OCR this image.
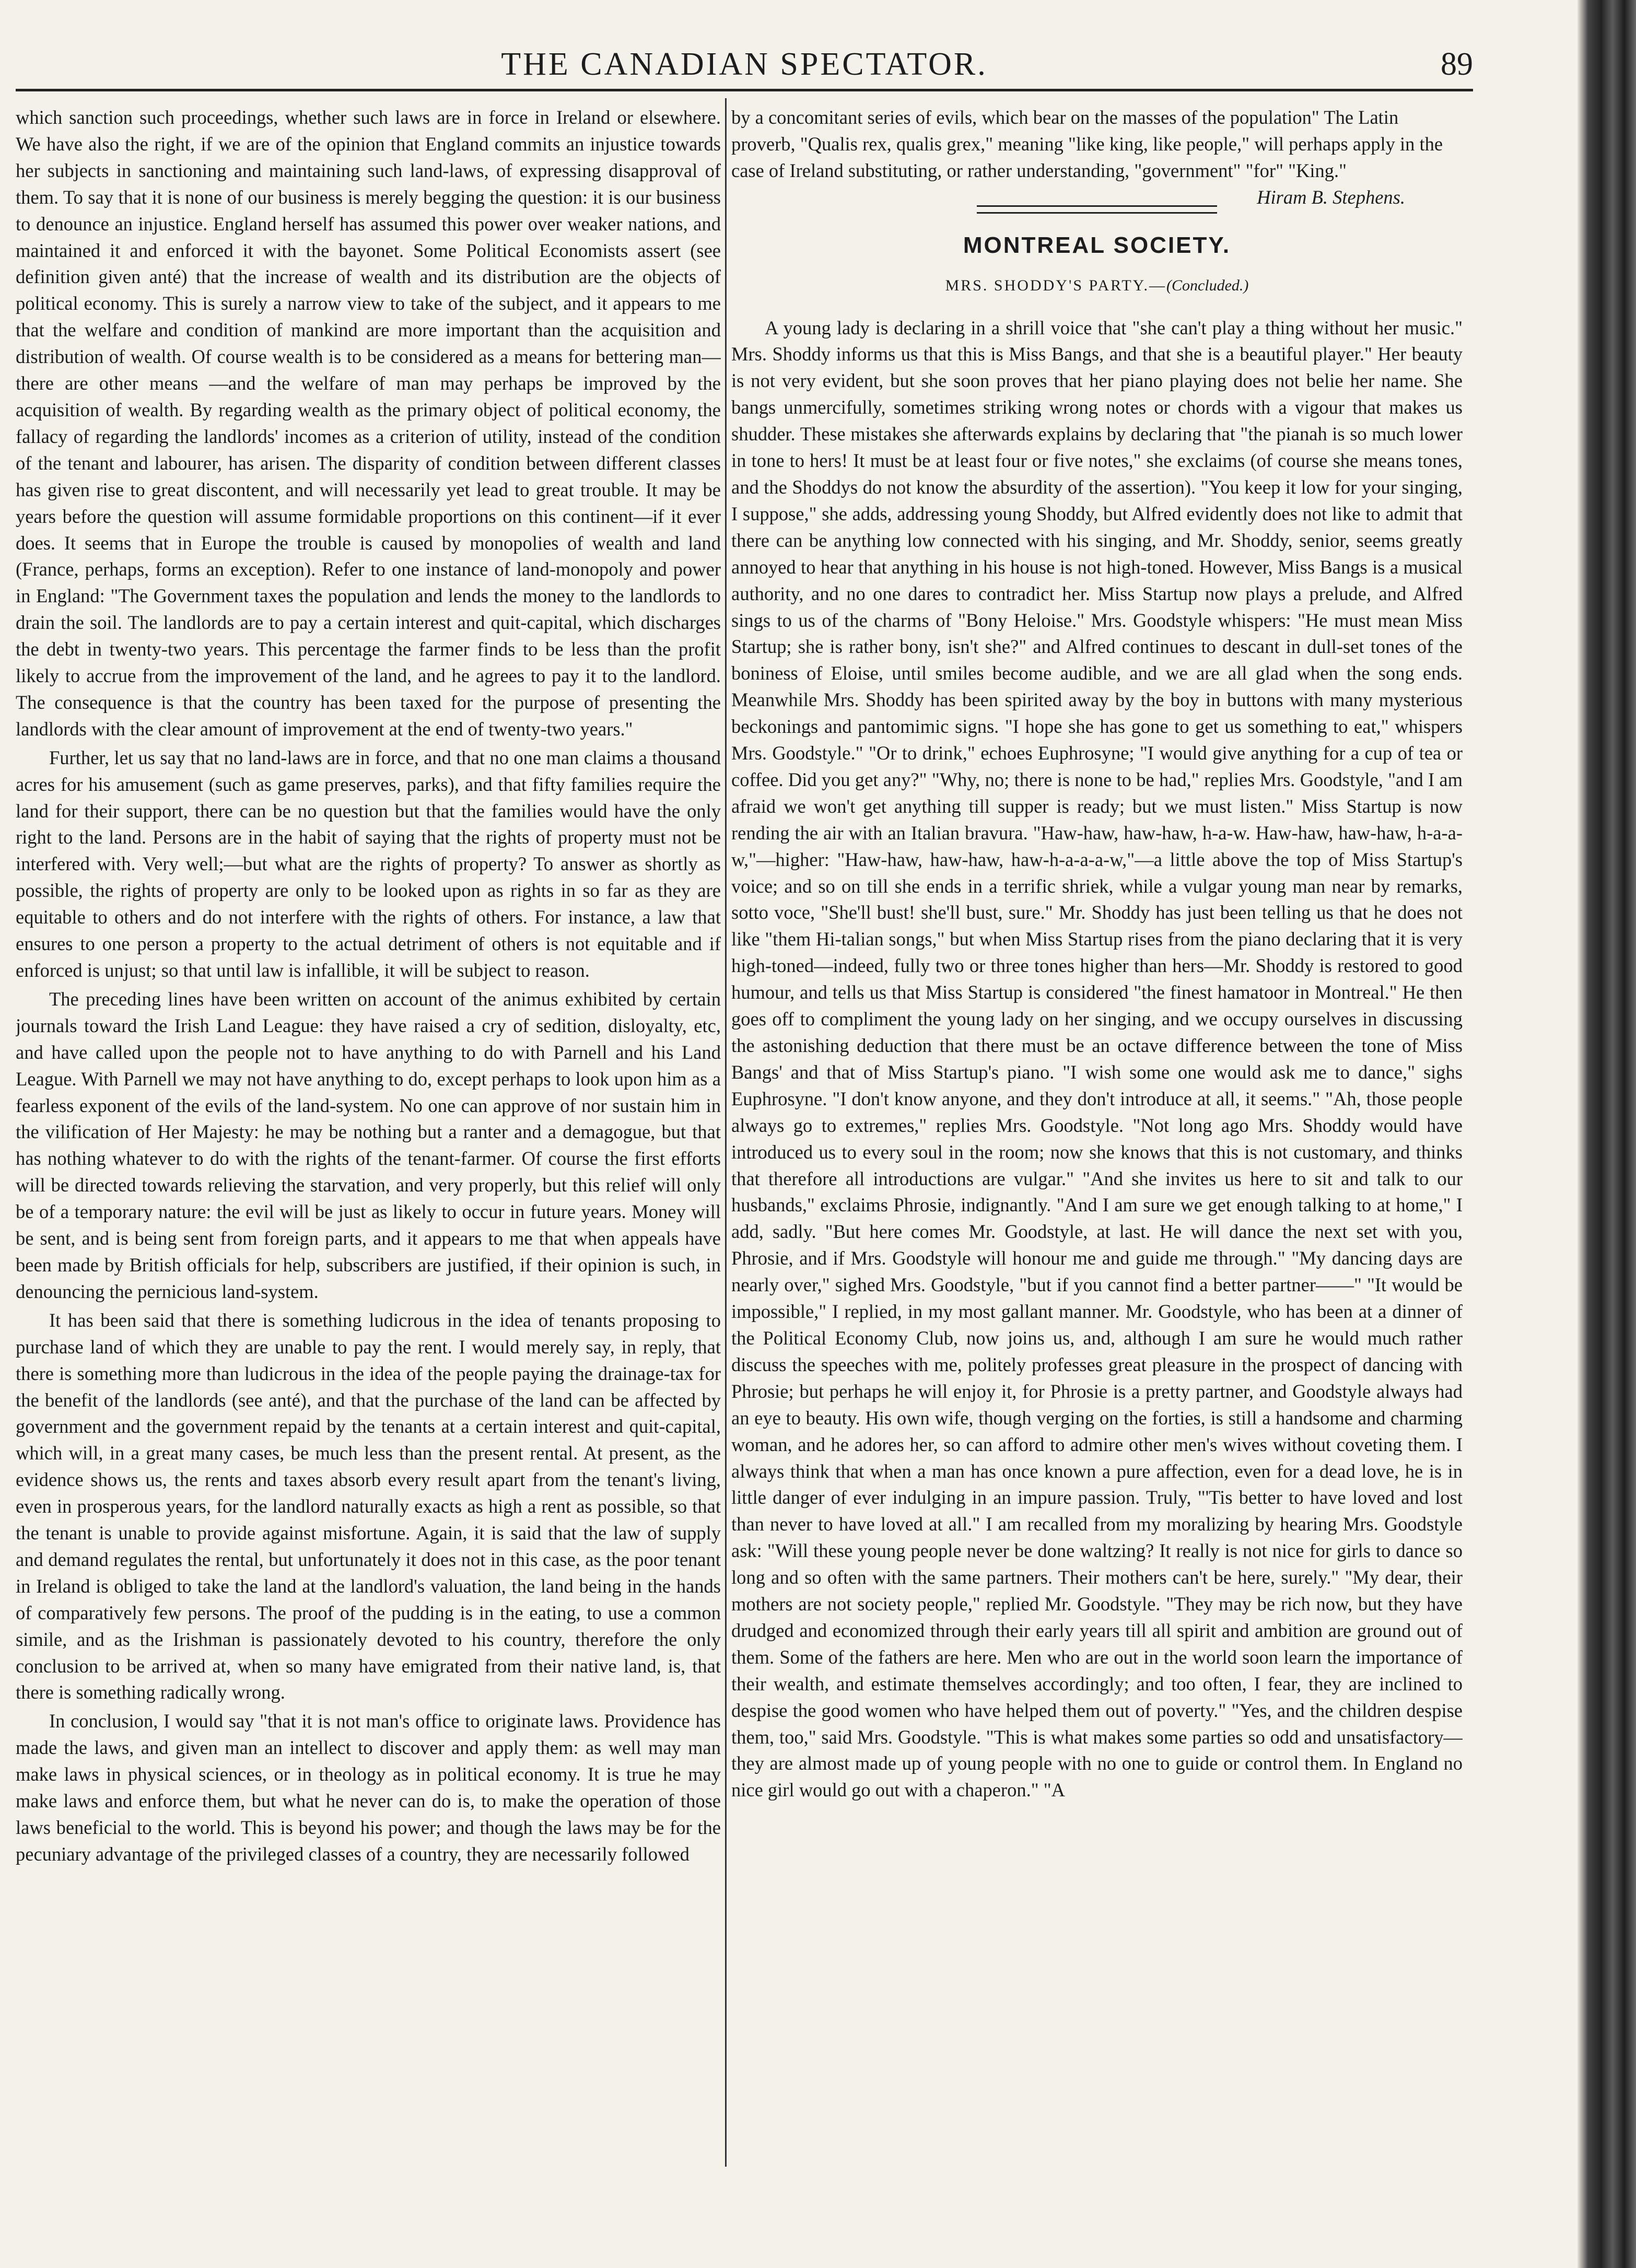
THE CANADIAN SPECTATOR.	89

which sanction such proceedings, whether such laws are in force in Ireland or elsewhere. We have also the right, if we are of the opinion that England commits an injustice towards her subjects in sanctioning and maintaining such land-laws, of expressing disapproval of them. To say that it is none of our business is merely begging the question: it is our business to denounce an injustice. England herself has assumed this power over weaker nations, and maintained it and enforced it with the bayonet. Some Political Economists assert (see definition given anté) that the increase of wealth and its distribution are the objects of political economy. This is surely a narrow view to take of the subject, and it appears to me that the welfare and condition of mankind are more important than the acquisition and distribution of wealth. Of course wealth is to be considered as a means for bettering man—there are other means —and the welfare of man may perhaps be improved by the acquisition of wealth. By regarding wealth as the primary object of political economy, the fallacy of regarding the landlords' incomes as a criterion of utility, instead of the condition of the tenant and labourer, has arisen. The disparity of condition between different classes has given rise to great discontent, and will necessarily yet lead to great trouble. It may be years before the question will assume formidable proportions on this continent—if it ever does. It seems that in Europe the trouble is caused by monopolies of wealth and land (France, perhaps, forms an exception). Refer to one instance of land-monopoly and power in England: "The Government taxes the population and lends the money to the landlords to drain the soil. The landlords are to pay a certain interest and quit-capital, which discharges the debt in twenty-two years. This percentage the farmer finds to be less than the profit likely to accrue from the improvement of the land, and he agrees to pay it to the landlord. The consequence is that the country has been taxed for the purpose of presenting the landlords with the clear amount of improvement at the end of twenty-two years."

Further, let us say that no land-laws are in force, and that no one man claims a thousand acres for his amusement (such as game preserves, parks), and that fifty families require the land for their support, there can be no question but that the families would have the only right to the land. Persons are in the habit of saying that the rights of property must not be interfered with. Very well;—but what are the rights of property? To answer as shortly as possible, the rights of property are only to be looked upon as rights in so far as they are equitable to others and do not interfere with the rights of others. For instance, a law that ensures to one person a property to the actual detriment of others is not equitable and if enforced is unjust; so that until law is infallible, it will be subject to reason.

The preceding lines have been written on account of the animus exhibited by certain journals toward the Irish Land League: they have raised a cry of sedition, disloyalty, etc, and have called upon the people not to have anything to do with Parnell and his Land League. With Parnell we may not have anything to do, except perhaps to look upon him as a fearless exponent of the evils of the land-system. No one can approve of nor sustain him in the vilification of Her Majesty: he may be nothing but a ranter and a demagogue, but that has nothing whatever to do with the rights of the tenant-farmer. Of course the first efforts will be directed towards relieving the starvation, and very properly, but this relief will only be of a temporary nature: the evil will be just as likely to occur in future years. Money will be sent, and is being sent from foreign parts, and it appears to me that when appeals have been made by British officials for help, subscribers are justified, if their opinion is such, in denouncing the pernicious land-system.

It has been said that there is something ludicrous in the idea of tenants proposing to purchase land of which they are unable to pay the rent. I would merely say, in reply, that there is something more than ludicrous in the idea of the people paying the drainage-tax for the benefit of the landlords (see anté), and that the purchase of the land can be affected by government and the government repaid by the tenants at a certain interest and quit-capital, which will, in a great many cases, be much less than the present rental. At present, as the evidence shows us, the rents and taxes absorb every result apart from the tenant's living, even in prosperous years, for the landlord naturally exacts as high a rent as possible, so that the tenant is unable to provide against misfortune. Again, it is said that the law of supply and demand regulates the rental, but unfortunately it does not in this case, as the poor tenant in Ireland is obliged to take the land at the landlord's valuation, the land being in the hands of comparatively few persons. The proof of the pudding is in the eating, to use a common simile, and as the Irishman is passionately devoted to his country, therefore the only conclusion to be arrived at, when so many have emigrated from their native land, is, that there is something radically wrong.

In conclusion, I would say "that it is not man's office to originate laws. Providence has made the laws, and given man an intellect to discover and apply them: as well may man make laws in physical sciences, or in theology as in political economy. It is true he may make laws and enforce them, but what he never can do is, to make the operation of those laws beneficial to the world. This is beyond his power; and though the laws may be for the pecuniary advantage of the privileged classes of a country, they are necessarily followed

by a concomitant series of evils, which bear on the masses of the population" The Latin proverb, "Qualis rex, qualis grex," meaning "like king, like people," will perhaps apply in the case of Ireland substituting, or rather understanding, "government" "for" "King."
Hiram B. Stephens.

MONTREAL SOCIETY.
MRS. SHODDY'S PARTY.—(Concluded.)

A young lady is declaring in a shrill voice that "she can't play a thing without her music." Mrs. Shoddy informs us that this is Miss Bangs, and that she is a beautiful player." Her beauty is not very evident, but she soon proves that her piano playing does not belie her name. She bangs unmercifully, sometimes striking wrong notes or chords with a vigour that makes us shudder. These mistakes she afterwards explains by declaring that "the pianah is so much lower in tone to hers! It must be at least four or five notes," she exclaims (of course she means tones, and the Shoddys do not know the absurdity of the assertion). "You keep it low for your singing, I suppose," she adds, addressing young Shoddy, but Alfred evidently does not like to admit that there can be anything low connected with his singing, and Mr. Shoddy, senior, seems greatly annoyed to hear that anything in his house is not high-toned. However, Miss Bangs is a musical authority, and no one dares to contradict her. Miss Startup now plays a prelude, and Alfred sings to us of the charms of "Bony Heloise." Mrs. Goodstyle whispers: "He must mean Miss Startup; she is rather bony, isn't she?" and Alfred continues to descant in dull-set tones of the boniness of Eloise, until smiles become audible, and we are all glad when the song ends. Meanwhile Mrs. Shoddy has been spirited away by the boy in buttons with many mysterious beckonings and pantomimic signs. "I hope she has gone to get us something to eat," whispers Mrs. Goodstyle." "Or to drink," echoes Euphrosyne; "I would give anything for a cup of tea or coffee. Did you get any?" "Why, no; there is none to be had," replies Mrs. Goodstyle, "and I am afraid we won't get anything till supper is ready; but we must listen." Miss Startup is now rending the air with an Italian bravura. "Haw-haw, haw-haw, h-a-w. Haw-haw, haw-haw, h-a-a-w,"—higher: "Haw-haw, haw-haw, haw-h-a-a-a-w,"—a little above the top of Miss Startup's voice; and so on till she ends in a terrific shriek, while a vulgar young man near by remarks, sotto voce, "She'll bust! she'll bust, sure." Mr. Shoddy has just been telling us that he does not like "them Hi-talian songs," but when Miss Startup rises from the piano declaring that it is very high-toned—indeed, fully two or three tones higher than hers—Mr. Shoddy is restored to good humour, and tells us that Miss Startup is considered "the finest hamatoor in Montreal." He then goes off to compliment the young lady on her singing, and we occupy ourselves in discussing the astonishing deduction that there must be an octave difference between the tone of Miss Bangs' and that of Miss Startup's piano. "I wish some one would ask me to dance," sighs Euphrosyne. "I don't know anyone, and they don't introduce at all, it seems." "Ah, those people always go to extremes," replies Mrs. Goodstyle. "Not long ago Mrs. Shoddy would have introduced us to every soul in the room; now she knows that this is not customary, and thinks that therefore all introductions are vulgar." "And she invites us here to sit and talk to our husbands," exclaims Phrosie, indignantly. "And I am sure we get enough talking to at home," I add, sadly. "But here comes Mr. Goodstyle, at last. He will dance the next set with you, Phrosie, and if Mrs. Goodstyle will honour me and guide me through." "My dancing days are nearly over," sighed Mrs. Goodstyle, "but if you cannot find a better partner——" "It would be impossible," I replied, in my most gallant manner. Mr. Goodstyle, who has been at a dinner of the Political Economy Club, now joins us, and, although I am sure he would much rather discuss the speeches with me, politely professes great pleasure in the prospect of dancing with Phrosie; but perhaps he will enjoy it, for Phrosie is a pretty partner, and Goodstyle always had an eye to beauty. His own wife, though verging on the forties, is still a handsome and charming woman, and he adores her, so can afford to admire other men's wives without coveting them. I always think that when a man has once known a pure affection, even for a dead love, he is in little danger of ever indulging in an impure passion. Truly, "'Tis better to have loved and lost than never to have loved at all." I am recalled from my moralizing by hearing Mrs. Goodstyle ask: "Will these young people never be done waltzing? It really is not nice for girls to dance so long and so often with the same partners. Their mothers can't be here, surely." "My dear, their mothers are not society people," replied Mr. Goodstyle. "They may be rich now, but they have drudged and economized through their early years till all spirit and ambition are ground out of them. Some of the fathers are here. Men who are out in the world soon learn the importance of their wealth, and estimate themselves accordingly; and too often, I fear, they are inclined to despise the good women who have helped them out of poverty." "Yes, and the children despise them, too," said Mrs. Goodstyle. "This is what makes some parties so odd and unsatisfactory—they are almost made up of young people with no one to guide or control them. In England no nice girl would go out with a chaperon." "A
